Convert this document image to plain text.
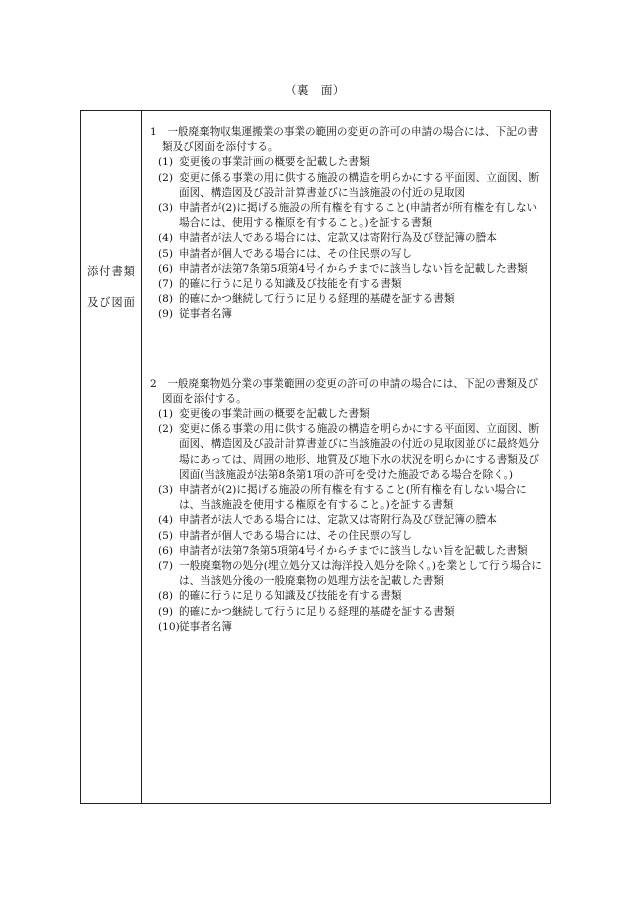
（裏　面）
添付書類
及び図面

1　一般廃棄物収集運搬業の事業の範囲の変更の許可の申請の場合には、下記の書類及び図面を添付する。

(1) 変更後の事業計画の概要を記載した書類
(2) 変更に係る事業の用に供する施設の構造を明らかにする平面図、立面図、断面図、構造図及び設計計算書並びに当該施設の付近の見取図
(3) 申請者が(2)に掲げる施設の所有権を有すること(申請者が所有権を有しない場合には、使用する権原を有すること。)を証する書類
(4) 申請者が法人である場合には、定款又は寄附行為及び登記簿の謄本
(5) 申請者が個人である場合には、その住民票の写し
(6) 申請者が法第7条第5項第4号イからチまでに該当しない旨を記載した書類
(7) 的確に行うに足りる知識及び技能を有する書類
(8) 的確にかつ継続して行うに足りる経理的基礎を証する書類
(9) 従事者名簿

2　一般廃棄物処分業の事業範囲の変更の許可の申請の場合には、下記の書類及び図面を添付する。

(1) 変更後の事業計画の概要を記載した書類
(2) 変更に係る事業の用に供する施設の構造を明らかにする平面図、立面図、断面図、構造図及び設計計算書並びに当該施設の付近の見取図並びに最終処分場にあっては、周囲の地形、地質及び地下水の状況を明らかにする書類及び図面(当該施設が法第8条第1項の許可を受けた施設である場合を除く。)
(3) 申請者が(2)に掲げる施設の所有権を有すること(所有権を有しない場合には、当該施設を使用する権原を有すること。)を証する書類
(4) 申請者が法人である場合には、定款又は寄附行為及び登記簿の謄本
(5) 申請者が個人である場合には、その住民票の写し
(6) 申請者が法第7条第5項第4号イからチまでに該当しない旨を記載した書類
(7) 一般廃棄物の処分(埋立処分又は海洋投入処分を除く。)を業として行う場合には、当該処分後の一般廃棄物の処理方法を記載した書類
(8) 的確に行うに足りる知識及び技能を有する書類
(9) 的確にかつ継続して行うに足りる経理的基礎を証する書類
(10) 従事者名簿
